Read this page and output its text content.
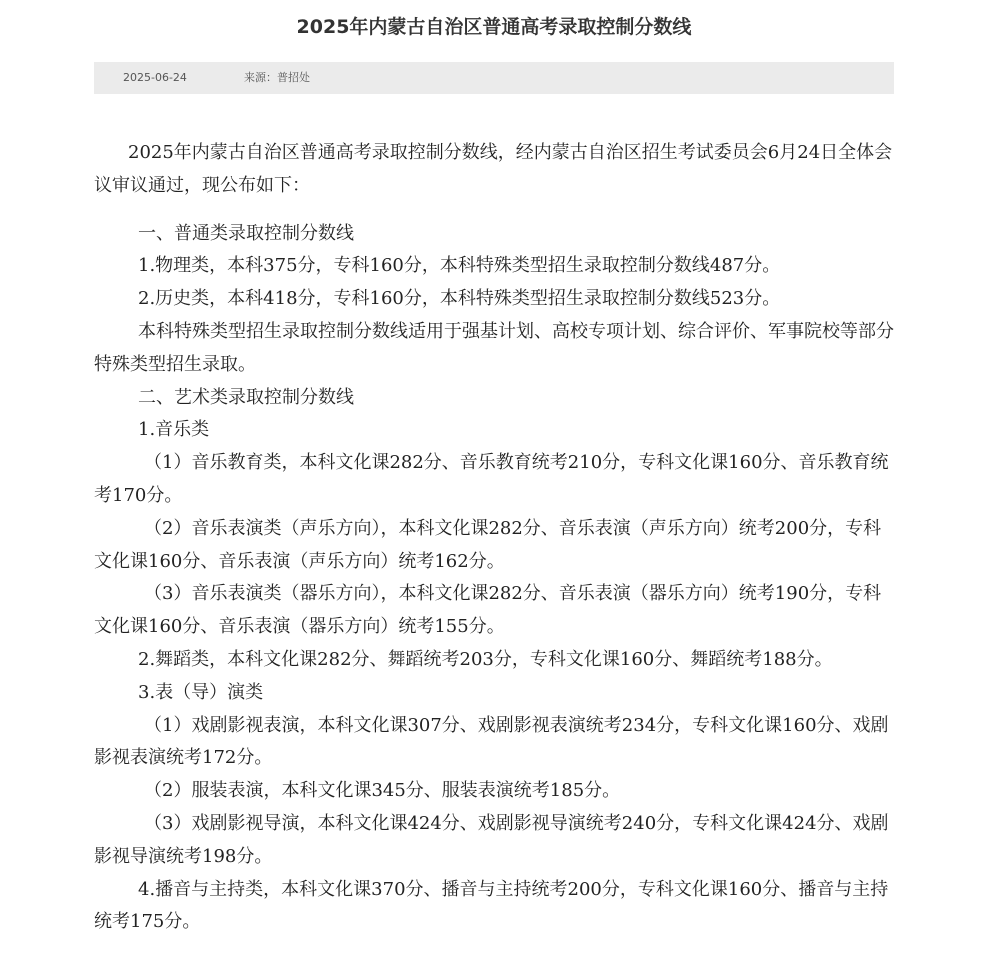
2025年内蒙古自治区普通高考录取控制分数线
2025-06-24	来源：普招处

2025年内蒙古自治区普通高考录取控制分数线，经内蒙古自治区招生考试委员会6月24日全体会议审议通过，现公布如下：

一、普通类录取控制分数线

1.物理类，本科375分，专科160分，本科特殊类型招生录取控制分数线487分。

2.历史类，本科418分，专科160分，本科特殊类型招生录取控制分数线523分。

本科特殊类型招生录取控制分数线适用于强基计划、高校专项计划、综合评价、军事院校等部分特殊类型招生录取。

二、艺术类录取控制分数线

1.音乐类

（1）音乐教育类，本科文化课282分、音乐教育统考210分，专科文化课160分、音乐教育统考170分。

（2）音乐表演类（声乐方向），本科文化课282分、音乐表演（声乐方向）统考200分，专科文化课160分、音乐表演（声乐方向）统考162分。

（3）音乐表演类（器乐方向），本科文化课282分、音乐表演（器乐方向）统考190分，专科文化课160分、音乐表演（器乐方向）统考155分。

2.舞蹈类，本科文化课282分、舞蹈统考203分，专科文化课160分、舞蹈统考188分。

3.表（导）演类

（1）戏剧影视表演，本科文化课307分、戏剧影视表演统考234分，专科文化课160分、戏剧影视表演统考172分。

（2）服装表演，本科文化课345分、服装表演统考185分。

（3）戏剧影视导演，本科文化课424分、戏剧影视导演统考240分，专科文化课424分、戏剧影视导演统考198分。

4.播音与主持类，本科文化课370分、播音与主持统考200分，专科文化课160分、播音与主持统考175分。
